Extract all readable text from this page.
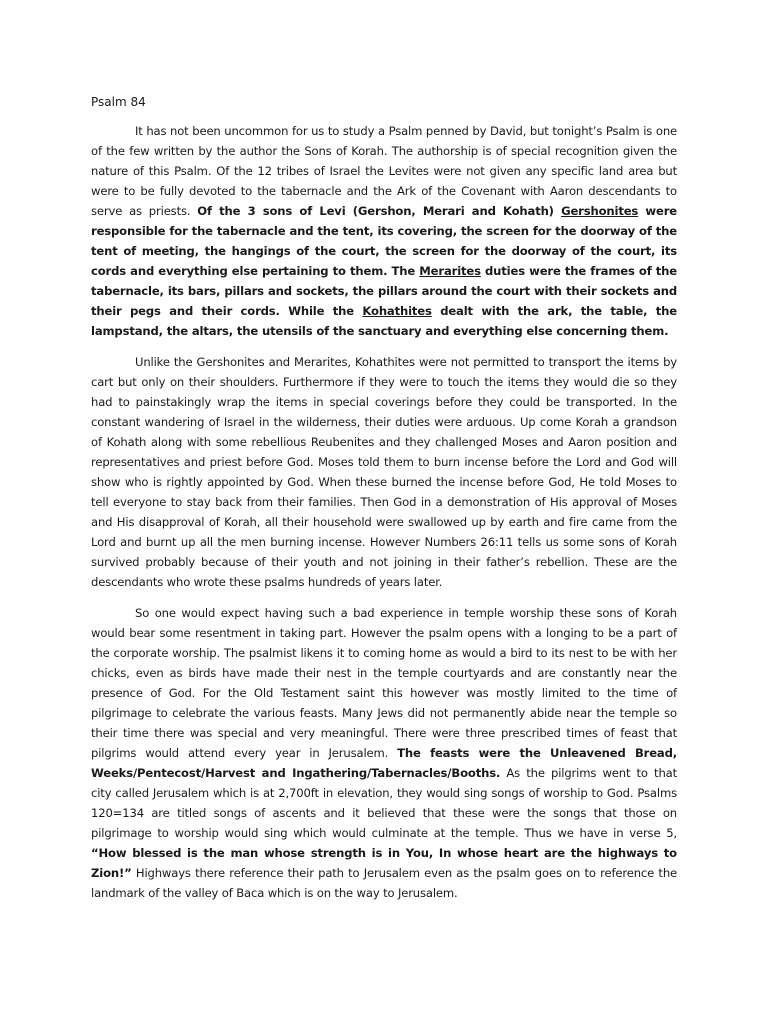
Psalm 84

It has not been uncommon for us to study a Psalm penned by David, but tonight’s Psalm is one of the few written by the author the Sons of Korah. The authorship is of special recognition given the nature of this Psalm. Of the 12 tribes of Israel the Levites were not given any specific land area but were to be fully devoted to the tabernacle and the Ark of the Covenant with Aaron descendants to serve as priests. Of the 3 sons of Levi (Gershon, Merari and Kohath) Gershonites were responsible for the tabernacle and the tent, its covering, the screen for the doorway of the tent of meeting, the hangings of the court, the screen for the doorway of the court, its cords and everything else pertaining to them. The Merarites duties were the frames of the tabernacle, its bars, pillars and sockets, the pillars around the court with their sockets and their pegs and their cords. While the Kohathites dealt with the ark, the table, the lampstand, the altars, the utensils of the sanctuary and everything else concerning them.

Unlike the Gershonites and Merarites, Kohathites were not permitted to transport the items by cart but only on their shoulders. Furthermore if they were to touch the items they would die so they had to painstakingly wrap the items in special coverings before they could be transported. In the constant wandering of Israel in the wilderness, their duties were arduous. Up come Korah a grandson of Kohath along with some rebellious Reubenites and they challenged Moses and Aaron position and representatives and priest before God. Moses told them to burn incense before the Lord and God will show who is rightly appointed by God. When these burned the incense before God, He told Moses to tell everyone to stay back from their families. Then God in a demonstration of His approval of Moses and His disapproval of Korah, all their household were swallowed up by earth and fire came from the Lord and burnt up all the men burning incense. However Numbers 26:11 tells us some sons of Korah survived probably because of their youth and not joining in their father’s rebellion. These are the descendants who wrote these psalms hundreds of years later.

So one would expect having such a bad experience in temple worship these sons of Korah would bear some resentment in taking part. However the psalm opens with a longing to be a part of the corporate worship. The psalmist likens it to coming home as would a bird to its nest to be with her chicks, even as birds have made their nest in the temple courtyards and are constantly near the presence of God. For the Old Testament saint this however was mostly limited to the time of pilgrimage to celebrate the various feasts. Many Jews did not permanently abide near the temple so their time there was special and very meaningful. There were three prescribed times of feast that pilgrims would attend every year in Jerusalem. The feasts were the Unleavened Bread, Weeks/Pentecost/Harvest and Ingathering/Tabernacles/Booths. As the pilgrims went to that city called Jerusalem which is at 2,700ft in elevation, they would sing songs of worship to God. Psalms 120=134 are titled songs of ascents and it believed that these were the songs that those on pilgrimage to worship would sing which would culminate at the temple. Thus we have in verse 5, “How blessed is the man whose strength is in You, In whose heart are the highways to Zion!” Highways there reference their path to Jerusalem even as the psalm goes on to reference the landmark of the valley of Baca which is on the way to Jerusalem.
